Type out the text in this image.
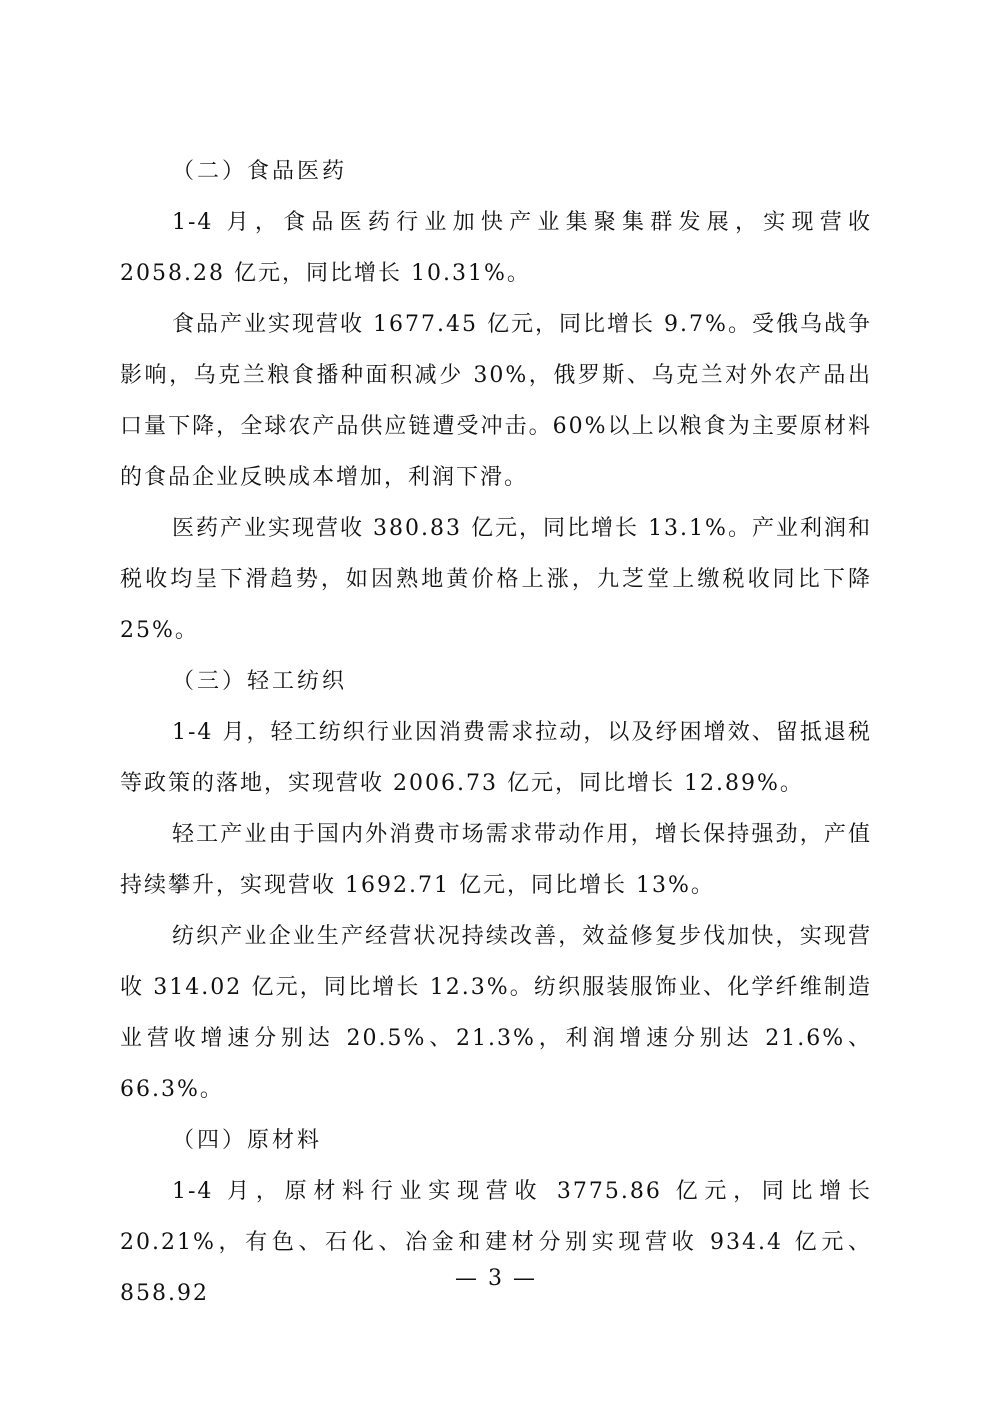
（二）食品医药

1-4 月，食品医药行业加快产业集聚集群发展，实现营收 2058.28 亿元，同比增长 10.31%。

食品产业实现营收 1677.45 亿元，同比增长 9.7%。受俄乌战争影响，乌克兰粮食播种面积减少 30%，俄罗斯、乌克兰对外农产品出口量下降，全球农产品供应链遭受冲击。60%以上以粮食为主要原材料的食品企业反映成本增加，利润下滑。

医药产业实现营收 380.83 亿元，同比增长 13.1%。产业利润和税收均呈下滑趋势，如因熟地黄价格上涨，九芝堂上缴税收同比下降 25%。

（三）轻工纺织

1-4 月，轻工纺织行业因消费需求拉动，以及纾困增效、留抵退税等政策的落地，实现营收 2006.73 亿元，同比增长 12.89%。

轻工产业由于国内外消费市场需求带动作用，增长保持强劲，产值持续攀升，实现营收 1692.71 亿元，同比增长 13%。

纺织产业企业生产经营状况持续改善，效益修复步伐加快，实现营收 314.02 亿元，同比增长 12.3%。纺织服装服饰业、化学纤维制造业营收增速分别达 20.5%、21.3%，利润增速分别达 21.6%、66.3%。

（四）原材料

1-4 月，原材料行业实现营收 3775.86 亿元，同比增长 20.21%，有色、石化、冶金和建材分别实现营收 934.4 亿元、858.92

— 3 —
